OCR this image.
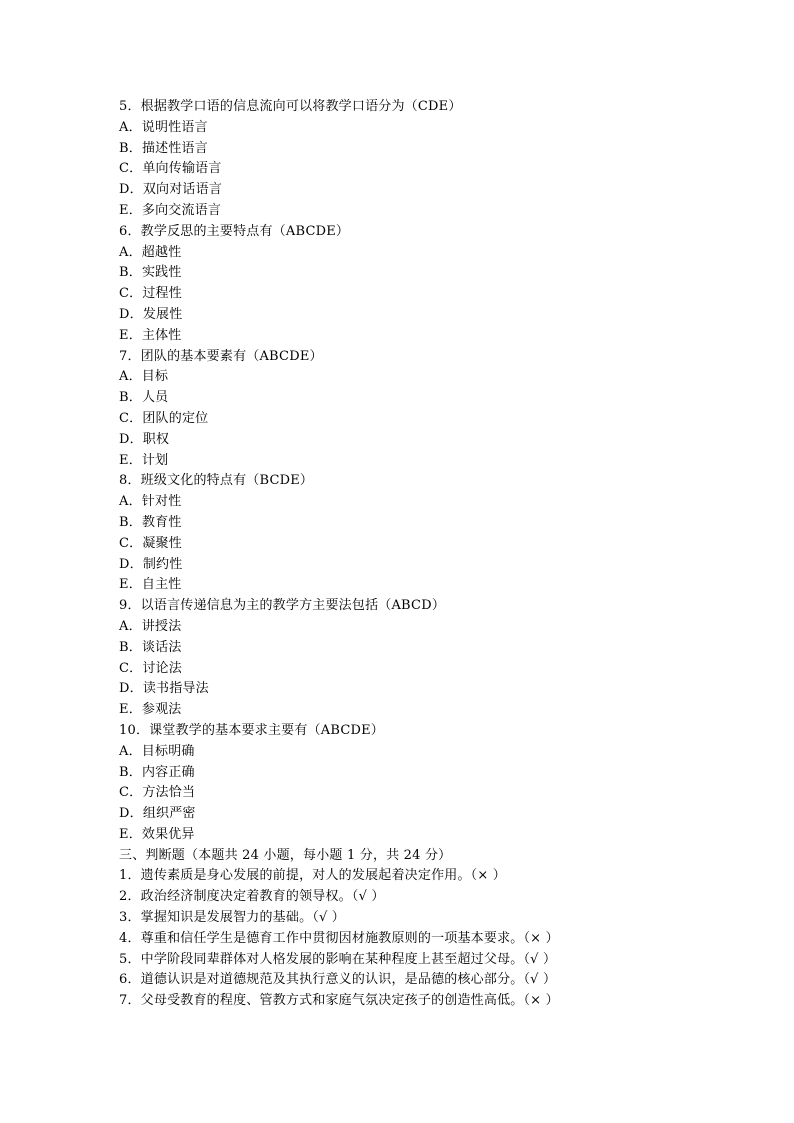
5．根据教学口语的信息流向可以将教学口语分为（CDE）
A．说明性语言
B．描述性语言
C．单向传输语言
D．双向对话语言
E．多向交流语言
6．教学反思的主要特点有（ABCDE）
A．超越性
B．实践性
C．过程性
D．发展性
E．主体性
7．团队的基本要素有（ABCDE）
A．目标
B．人员
C．团队的定位
D．职权
E．计划
8．班级文化的特点有（BCDE）
A．针对性
B．教育性
C．凝聚性
D．制约性
E．自主性
9．以语言传递信息为主的教学方主要法包括（ABCD）
A．讲授法
B．谈话法
C．讨论法
D．读书指导法
E．参观法
10．课堂教学的基本要求主要有（ABCDE）
A．目标明确
B．内容正确
C．方法恰当
D．组织严密
E．效果优异
三、判断题（本题共 24 小题，每小题 1 分，共 24 分）
1．遗传素质是身心发展的前提，对人的发展起着决定作用。（× ）
2．政治经济制度决定着教育的领导权。（√ ）
3．掌握知识是发展智力的基础。（√ ）
4．尊重和信任学生是德育工作中贯彻因材施教原则的一项基本要求。（× ）
5．中学阶段同辈群体对人格发展的影响在某种程度上甚至超过父母。（√ ）
6．道德认识是对道德规范及其执行意义的认识，是品德的核心部分。（√ ）
7．父母受教育的程度、管教方式和家庭气氛决定孩子的创造性高低。（× ）
